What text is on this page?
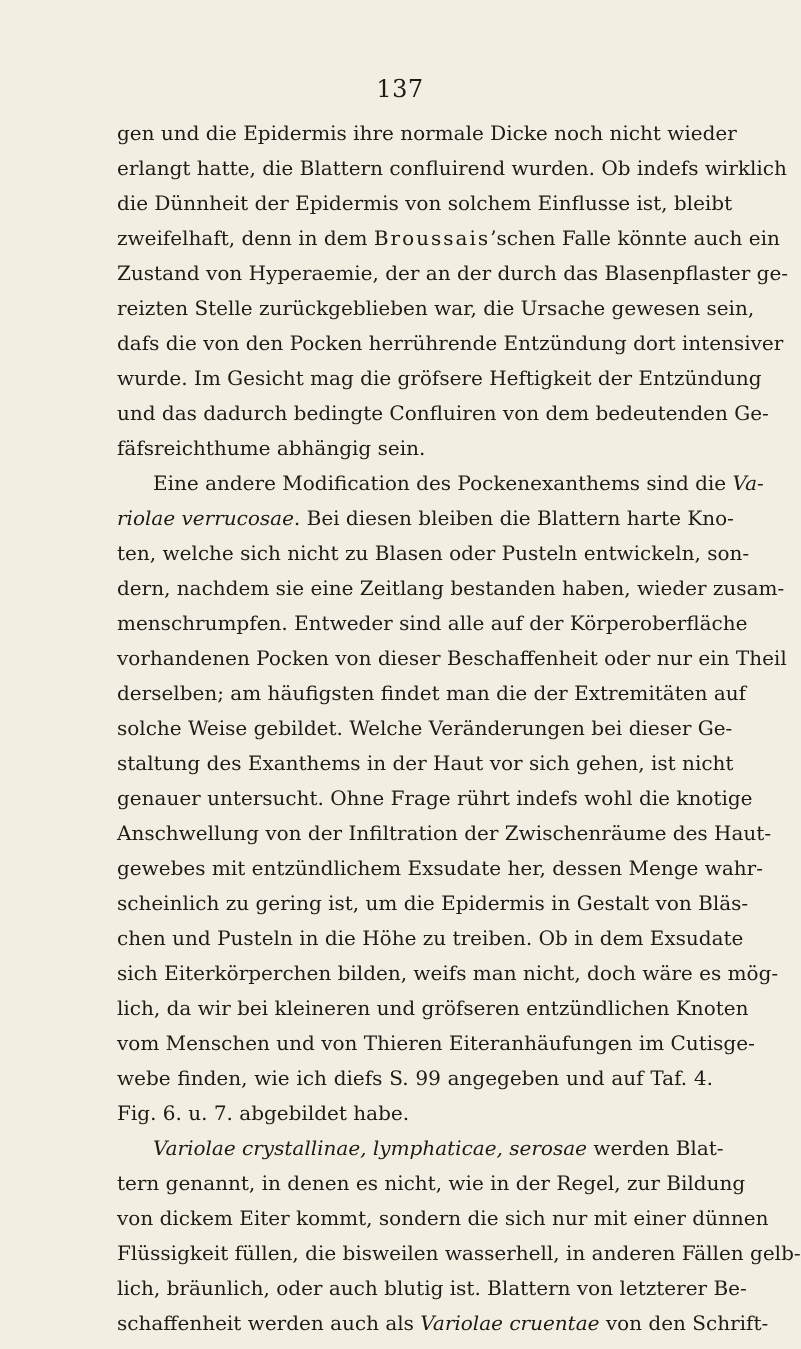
137
gen und die Epidermis ihre normale Dicke noch nicht wieder
erlangt hatte, die Blattern confluirend wurden. Ob indefs wirklich
die Dünnheit der Epidermis von solchem Einflusse ist, bleibt
zweifelhaft, denn in dem Broussais’schen Falle könnte auch ein
Zustand von Hyperaemie, der an der durch das Blasenpflaster ge-
reizten Stelle zurückgeblieben war, die Ursache gewesen sein,
dafs die von den Pocken herrührende Entzündung dort intensiver
wurde. Im Gesicht mag die gröfsere Heftigkeit der Entzündung
und das dadurch bedingte Confluiren von dem bedeutenden Ge-
fäfsreichthume abhängig sein.
Eine andere Modification des Pockenexanthems sind die Va-
riolae verrucosae. Bei diesen bleiben die Blattern harte Kno-
ten, welche sich nicht zu Blasen oder Pusteln entwickeln, son-
dern, nachdem sie eine Zeitlang bestanden haben, wieder zusam-
menschrumpfen. Entweder sind alle auf der Körperoberfläche
vorhandenen Pocken von dieser Beschaffenheit oder nur ein Theil
derselben; am häufigsten findet man die der Extremitäten auf
solche Weise gebildet. Welche Veränderungen bei dieser Ge-
staltung des Exanthems in der Haut vor sich gehen, ist nicht
genauer untersucht. Ohne Frage rührt indefs wohl die knotige
Anschwellung von der Infiltration der Zwischenräume des Haut-
gewebes mit entzündlichem Exsudate her, dessen Menge wahr-
scheinlich zu gering ist, um die Epidermis in Gestalt von Bläs-
chen und Pusteln in die Höhe zu treiben. Ob in dem Exsudate
sich Eiterkörperchen bilden, weifs man nicht, doch wäre es mög-
lich, da wir bei kleineren und gröfseren entzündlichen Knoten
vom Menschen und von Thieren Eiteranhäufungen im Cutisge-
webe finden, wie ich diefs S. 99 angegeben und auf Taf. 4.
Fig. 6. u. 7. abgebildet habe.
Variolae crystallinae, lymphaticae, serosae werden Blat-
tern genannt, in denen es nicht, wie in der Regel, zur Bildung
von dickem Eiter kommt, sondern die sich nur mit einer dünnen
Flüssigkeit füllen, die bisweilen wasserhell, in anderen Fällen gelb-
lich, bräunlich, oder auch blutig ist. Blattern von letzterer Be-
schaffenheit werden auch als Variolae cruentae von den Schrift-
